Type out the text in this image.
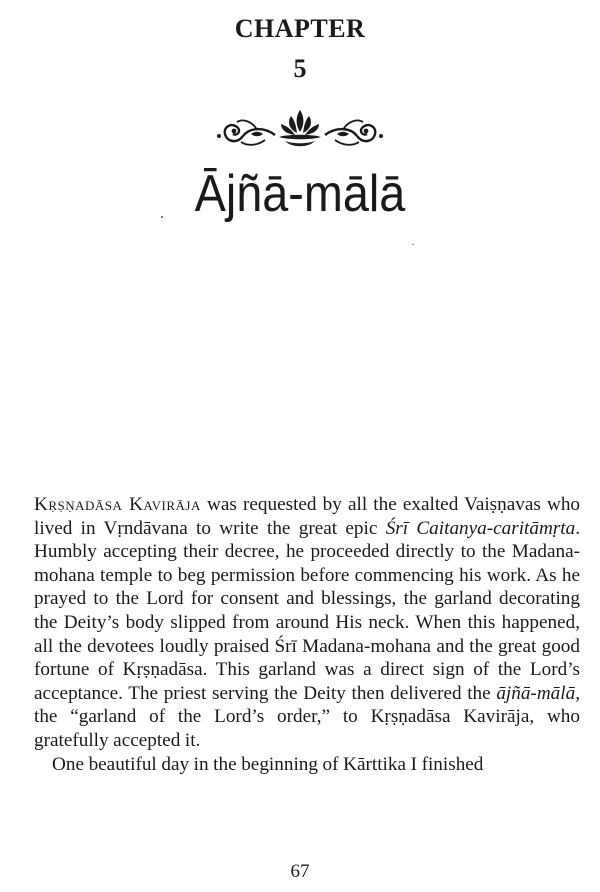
CHAPTER
5
Ājñā-mālā

Kṛṣṇadāsa Kavirāja was requested by all the exalted Vaiṣṇavas who lived in Vṛndāvana to write the great epic Śrī Caitanya-caritāmṛta. Humbly accepting their decree, he proceeded directly to the Madana-mohana temple to beg permission before commencing his work. As he prayed to the Lord for consent and blessings, the garland decorating the Deity’s body slipped from around His neck. When this happened, all the devotees loudly praised Śrī Madana-mohana and the great good fortune of Kṛṣṇadāsa. This garland was a direct sign of the Lord’s acceptance. The priest serving the Deity then delivered the ājñā-mālā, the “garland of the Lord’s order,” to Kṛṣṇadāsa Kavirāja, who gratefully accepted it.

One beautiful day in the beginning of Kārttika I finished

67
